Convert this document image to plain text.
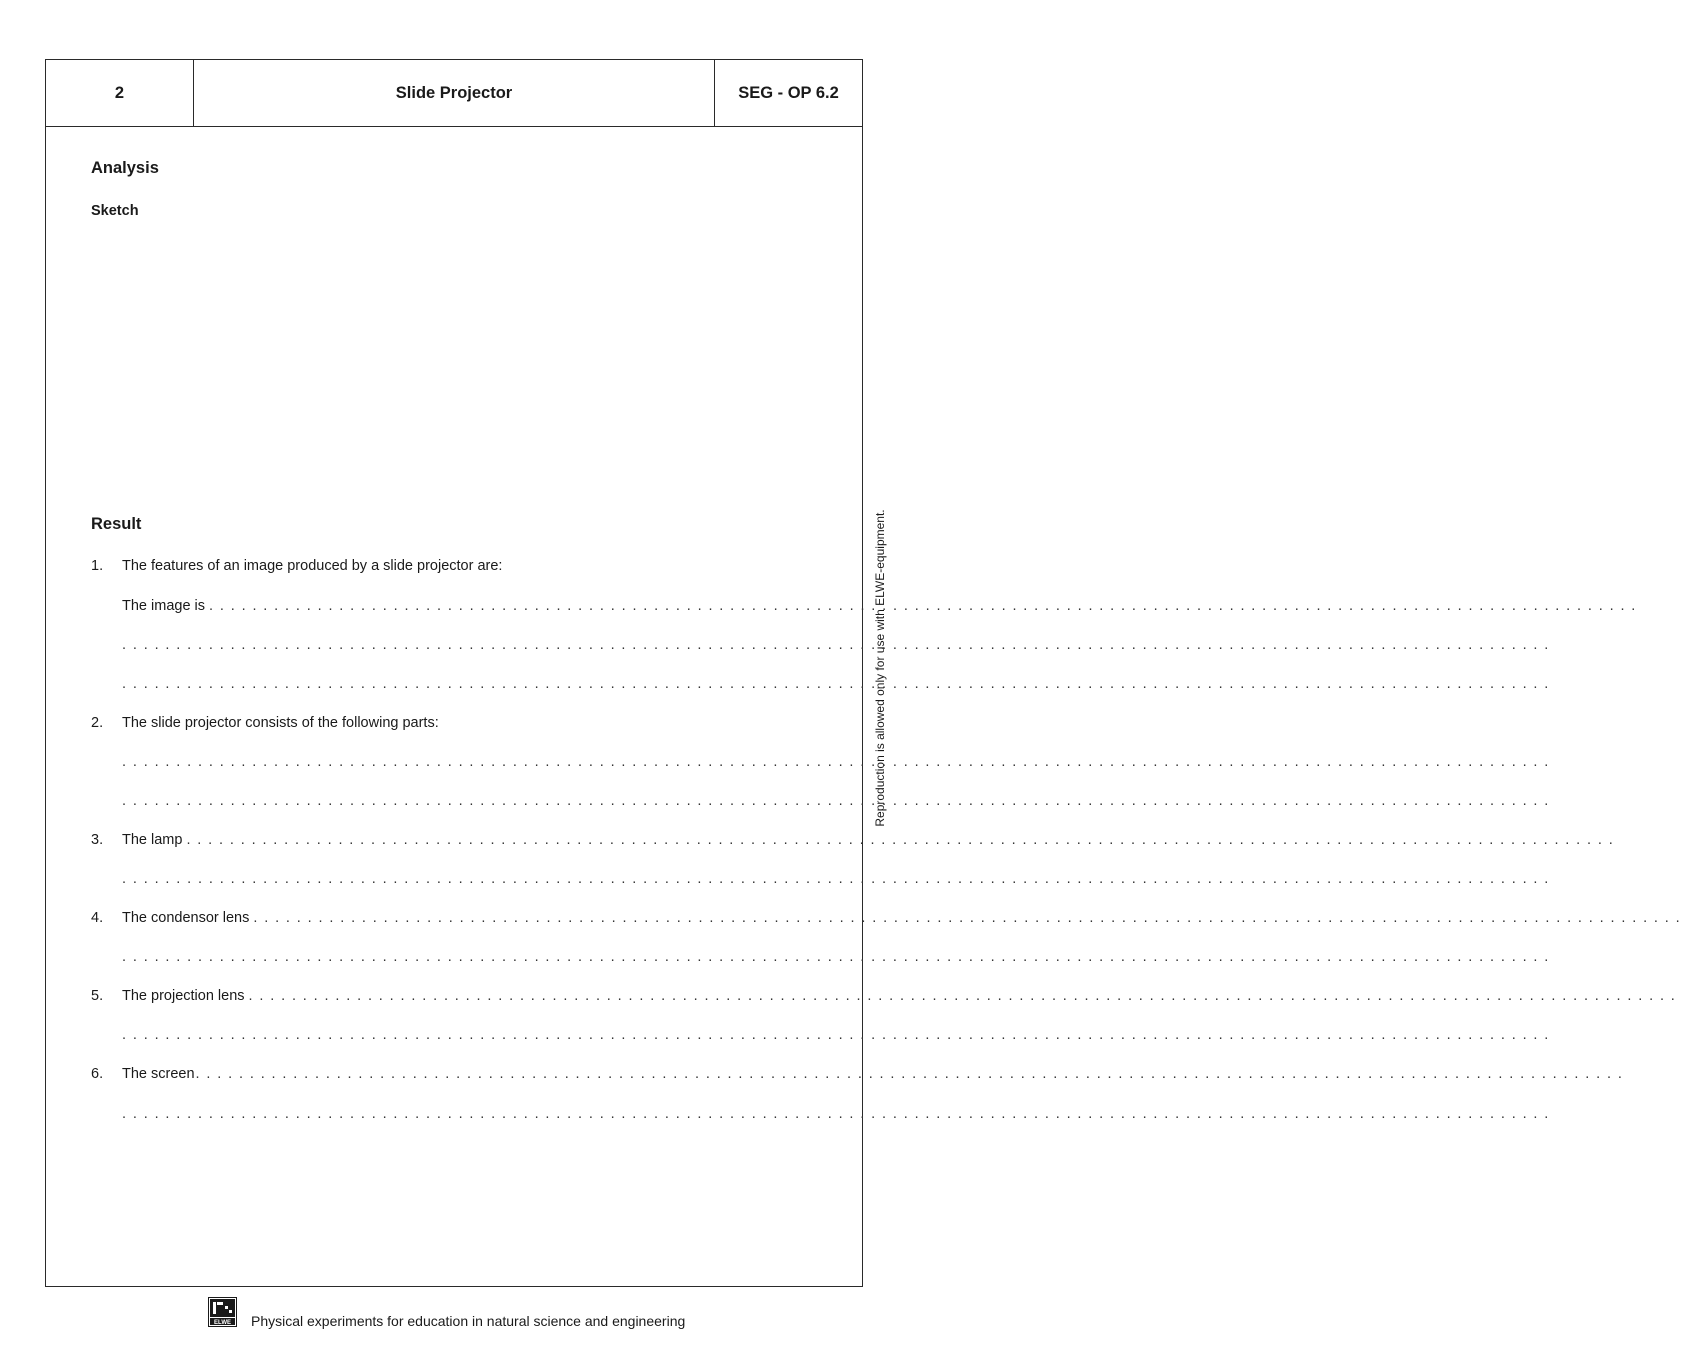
2	Slide Projector	SEG - OP 6.2
Analysis
Sketch
Result
1.	The features of an image produced by a slide projector are:
The image is . . . . . . . . . . . . . . . . . . . . . . . . . . . . . . . . . . . . . . . . . . . . . . . . . . . . . . . . . . . . . . . . . . . . . . . . . . . . . . . . . . . . . . . . . . . . . . . . . . . . . . . . . . . . . . . . . . . . . . . . . . . . . . . . . . . .
. . . . . . . . . . . . . . . . . . . . . . . . . . . . . . . . . . . . . . . . . . . . . . . . . . . . . . . . . . . . . . . . . . . . . . . . . . . . . . . . . . . . . . . . . . . . . . . . . . . . . . . . . . . . . . . . . . . . . . . . . . . . . . . . . . . .
. . . . . . . . . . . . . . . . . . . . . . . . . . . . . . . . . . . . . . . . . . . . . . . . . . . . . . . . . . . . . . . . . . . . . . . . . . . . . . . . . . . . . . . . . . . . . . . . . . . . . . . . . . . . . . . . . . . . . . . . . . . . . . . . . . . .
2.	The slide projector consists of the following parts:
. . . . . . . . . . . . . . . . . . . . . . . . . . . . . . . . . . . . . . . . . . . . . . . . . . . . . . . . . . . . . . . . . . . . . . . . . . . . . . . . . . . . . . . . . . . . . . . . . . . . . . . . . . . . . . . . . . . . . . . . . . . . . . . . . . . .
. . . . . . . . . . . . . . . . . . . . . . . . . . . . . . . . . . . . . . . . . . . . . . . . . . . . . . . . . . . . . . . . . . . . . . . . . . . . . . . . . . . . . . . . . . . . . . . . . . . . . . . . . . . . . . . . . . . . . . . . . . . . . . . . . . . .
3.	The lamp . . . . . . . . . . . . . . . . . . . . . . . . . . . . . . . . . . . . . . . . . . . . . . . . . . . . . . . . . . . . . . . . . . . . . . . . . . . . . . . . . . . . . . . . . . . . . . . . . . . . . . . . . . . . . . . . . . . . . . . . . . . . . . . . . . . .
. . . . . . . . . . . . . . . . . . . . . . . . . . . . . . . . . . . . . . . . . . . . . . . . . . . . . . . . . . . . . . . . . . . . . . . . . . . . . . . . . . . . . . . . . . . . . . . . . . . . . . . . . . . . . . . . . . . . . . . . . . . . . . . . . . . .
4.	The condensor lens . . . . . . . . . . . . . . . . . . . . . . . . . . . . . . . . . . . . . . . . . . . . . . . . . . . . . . . . . . . . . . . . . . . . . . . . . . . . . . . . . . . . . . . . . . . . . . . . . . . . . . . . . . . . . . . . . . . . . . . . . . . . . . . . . . . .
. . . . . . . . . . . . . . . . . . . . . . . . . . . . . . . . . . . . . . . . . . . . . . . . . . . . . . . . . . . . . . . . . . . . . . . . . . . . . . . . . . . . . . . . . . . . . . . . . . . . . . . . . . . . . . . . . . . . . . . . . . . . . . . . . . . .
5.	The projection lens . . . . . . . . . . . . . . . . . . . . . . . . . . . . . . . . . . . . . . . . . . . . . . . . . . . . . . . . . . . . . . . . . . . . . . . . . . . . . . . . . . . . . . . . . . . . . . . . . . . . . . . . . . . . . . . . . . . . . . . . . . . . . . . . . . . .
. . . . . . . . . . . . . . . . . . . . . . . . . . . . . . . . . . . . . . . . . . . . . . . . . . . . . . . . . . . . . . . . . . . . . . . . . . . . . . . . . . . . . . . . . . . . . . . . . . . . . . . . . . . . . . . . . . . . . . . . . . . . . . . . . . . .
6.	The screen . . . . . . . . . . . . . . . . . . . . . . . . . . . . . . . . . . . . . . . . . . . . . . . . . . . . . . . . . . . . . . . . . . . . . . . . . . . . . . . . . . . . . . . . . . . . . . . . . . . . . . . . . . . . . . . . . . . . . . . . . . . . . . . . . . . .
. . . . . . . . . . . . . . . . . . . . . . . . . . . . . . . . . . . . . . . . . . . . . . . . . . . . . . . . . . . . . . . . . . . . . . . . . . . . . . . . . . . . . . . . . . . . . . . . . . . . . . . . . . . . . . . . . . . . . . . . . . . . . . . . . . . .
Reproduction is allowed only for use with ELWE-equipment.
ELWE Physical experiments for education in natural science and engineering
